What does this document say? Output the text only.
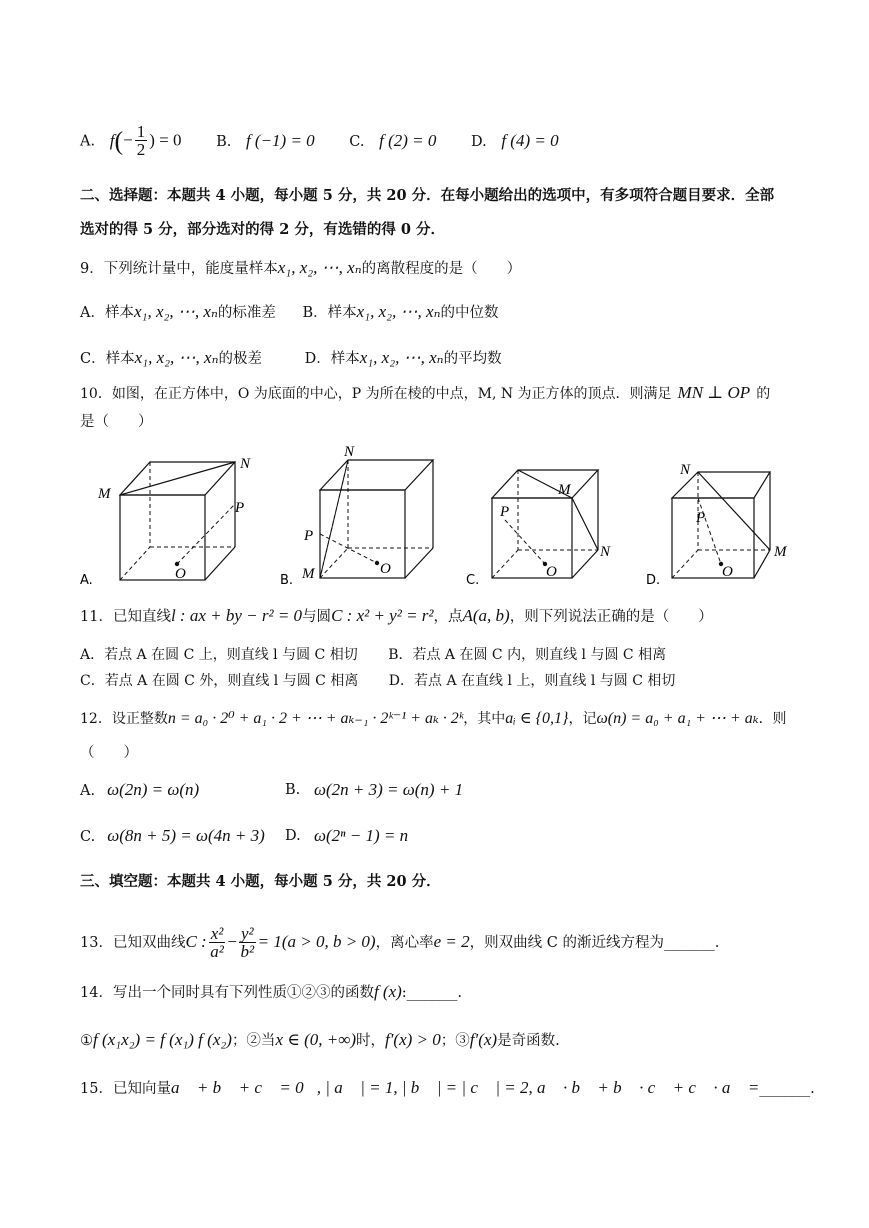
A. $f(- \frac{1}{2}$ ) = 0 B. f (−1) = 0 C. f (2) = 0 D. f (4) = 0
二、选择题：本题共 4 小题，每小题 5 分，共 20 分．在每小题给出的选项中，有多项符合题目要求．全部
选对的得 5 分，部分选对的得 2 分，有选错的得 0 分．
9．下列统计量中，能度量样本x₁, x₂, ⋯, xₙ的离散程度的是（　　）
A．样本x₁, x₂, ⋯, xₙ的标准差 B．样本x₁, x₂, ⋯, xₙ的中位数
C．样本x₁, x₂, ⋯, xₙ的极差	D．样本x₁, x₂, ⋯, xₙ的平均数
10．如图，在正方体中，O 为底面的中心，P 为所在棱的中点，M, N 为正方体的顶点．则满足 MN ⊥ OP 的
是（　　）
M
N
P
O
A.
N
P
M	O
B.
M
P
N
O
C.
N
P
M
O
D.
11．已知直线l : ax + by − r² = 0与圆C : x² + y² = r²，点A(a, b)，则下列说法正确的是（　　）
A．若点 A 在圆 C 上，则直线 l 与圆 C 相切 B．若点 A 在圆 C 内，则直线 l 与圆 C 相离
C．若点 A 在圆 C 外，则直线 l 与圆 C 相离 D．若点 A 在直线 l 上，则直线 l 与圆 C 相切
12．设正整数n = a₀ · 2⁰ + a₁ · 2 + ⋯ + aₖ₋₁ · 2ᵏ⁻¹ + aₖ · 2ᵏ，其中aᵢ ∈ {0,1}，记ω(n) = a₀ + a₁ + ⋯ + aₖ．则
（　　）
A. ω(2n) = ω(n)	B. ω(2n + 3) = ω(n) + 1
C. ω(8n + 5) = ω(4n + 3) D. ω(2ⁿ − 1) = n
三、填空题：本题共 4 小题，每小题 5 分，共 20 分．
13．已知双曲线C : $\frac{\text{x²}}{\text{a²}} - \frac{\text{y²}}{\text{b²}} = 1(a > 0$, b > 0)，离心率e = 2，则双曲线 C 的渐近线方程为_______.
14．写出一个同时具有下列性质①②③的函数f (x):_______.
①f (x₁x₂) = f (x₁) f (x₂)；②当x ∈ (0, +∞)时，f′(x) > 0；③f′(x)是奇函数.
15．已知向量a⃗ + b⃗ + c⃗ = 0⃗, | a⃗ | = 1, | b⃗ | = | c⃗ | = 2, a⃗ · b⃗ + b⃗ · c⃗ + c⃗ · a⃗ =_______.
